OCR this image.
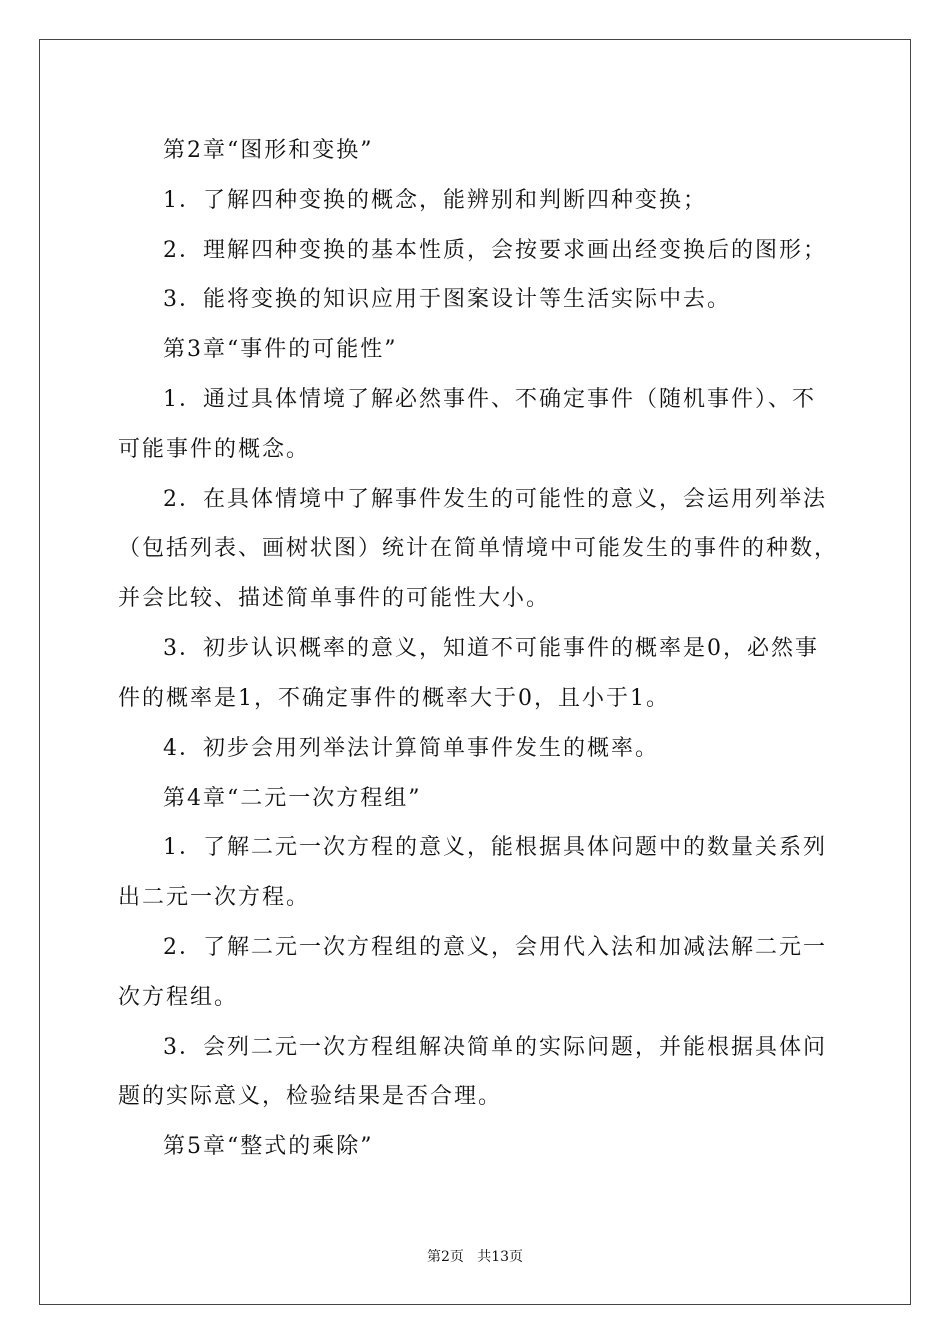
第2章“图形和变换”
1．了解四种变换的概念，能辨别和判断四种变换；
2．理解四种变换的基本性质，会按要求画出经变换后的图形；
3．能将变换的知识应用于图案设计等生活实际中去。
第3章“事件的可能性”
1．通过具体情境了解必然事件、不确定事件（随机事件）、不
可能事件的概念。
2．在具体情境中了解事件发生的可能性的意义，会运用列举法
（包括列表、画树状图）统计在简单情境中可能发生的事件的种数，
并会比较、描述简单事件的可能性大小。
3．初步认识概率的意义，知道不可能事件的概率是0，必然事
件的概率是1，不确定事件的概率大于0，且小于1。
4．初步会用列举法计算简单事件发生的概率。
第4章“二元一次方程组”
1．了解二元一次方程的意义，能根据具体问题中的数量关系列
出二元一次方程。
2．了解二元一次方程组的意义，会用代入法和加减法解二元一
次方程组。
3．会列二元一次方程组解决简单的实际问题，并能根据具体问
题的实际意义，检验结果是否合理。
第5章“整式的乘除”
第2页   共13页
